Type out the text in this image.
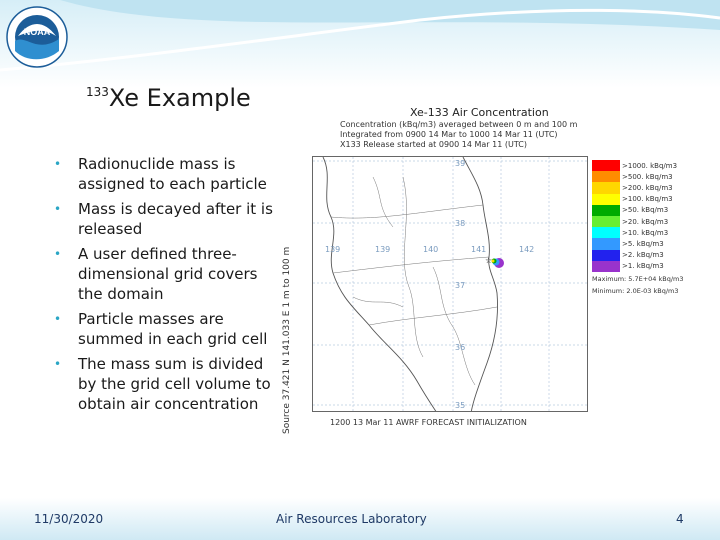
NOAA
$^{133}$Xe Example
• Radionuclide mass is assigned to each particle
• Mass is decayed after it is released
• A user defined three-dimensional grid covers the domain
• Particle masses are summed in each grid cell
• The mass sum is divided by the grid cell volume to obtain air concentration
Xe-133 Air Concentration
Concentration (kBq/m3) averaged between 0 m and 100 m
Integrated from 0900 14 Mar to 1000 14 Mar 11 (UTC)
X133 Release started at 0900 14 Mar 11 (UTC)
Source 37.421 N 141.033 E 1 m to 100 m	☆
139	139	140	141	142
39
38
37
36
35
>1000. kBq/m3
>500. kBq/m3
>200. kBq/m3
>100. kBq/m3
>50. kBq/m3
>20. kBq/m3
>10. kBq/m3
>5. kBq/m3
>2. kBq/m3
>1. kBq/m3
Maximum: 5.7E+04 kBq/m3
Minimum: 2.0E-03 kBq/m3
1200 13 Mar 11 AWRF FORECAST INITIALIZATION
11/30/2020	Air Resources Laboratory	4
